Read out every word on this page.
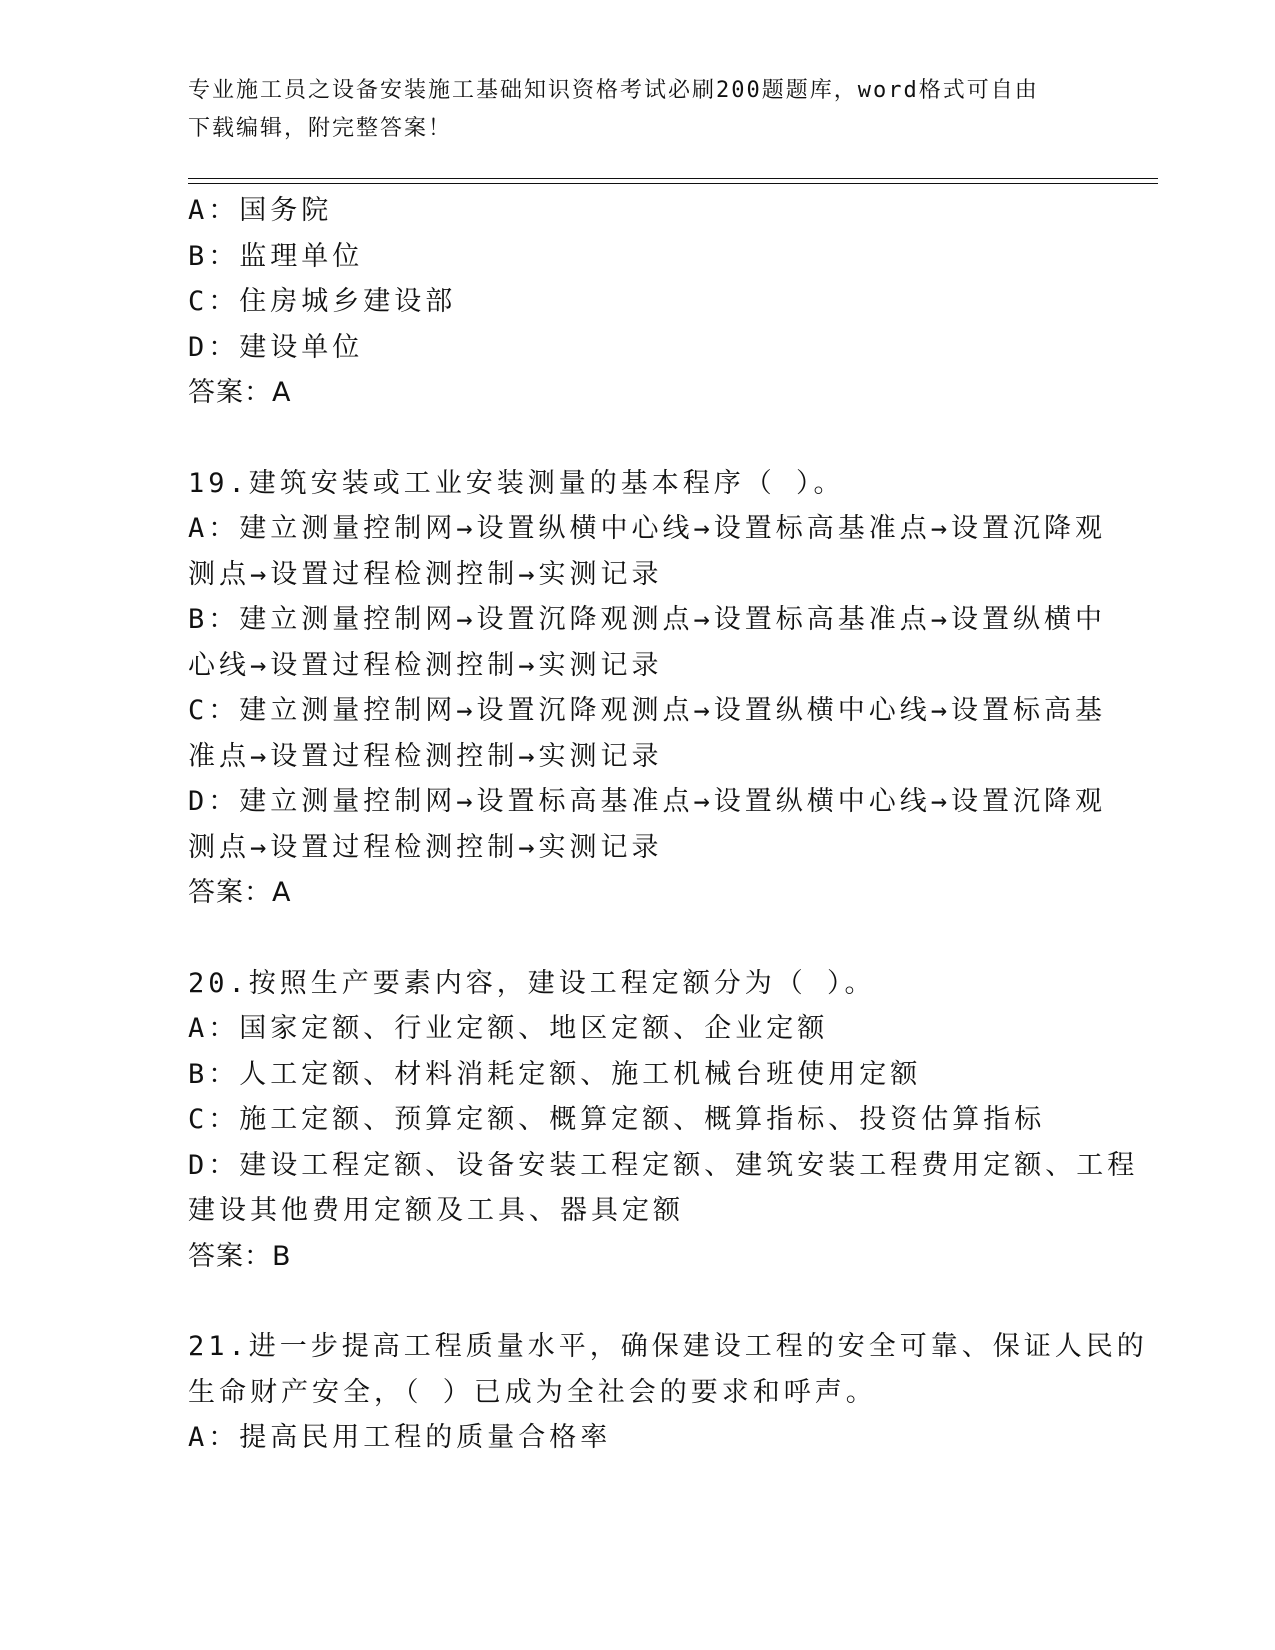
专业施工员之设备安装施工基础知识资格考试必刷200题题库，word格式可自由
下载编辑，附完整答案！
A：国务院
B：监理单位
C：住房城乡建设部
D：建设单位
答案：A
19.建筑安装或工业安装测量的基本程序（ ）。
A：建立测量控制网→设置纵横中心线→设置标高基准点→设置沉降观
测点→设置过程检测控制→实测记录
B：建立测量控制网→设置沉降观测点→设置标高基准点→设置纵横中
心线→设置过程检测控制→实测记录
C：建立测量控制网→设置沉降观测点→设置纵横中心线→设置标高基
准点→设置过程检测控制→实测记录
D：建立测量控制网→设置标高基准点→设置纵横中心线→设置沉降观
测点→设置过程检测控制→实测记录
答案：A
20.按照生产要素内容，建设工程定额分为（ ）。
A：国家定额、行业定额、地区定额、企业定额
B：人工定额、材料消耗定额、施工机械台班使用定额
C：施工定额、预算定额、概算定额、概算指标、投资估算指标
D：建设工程定额、设备安装工程定额、建筑安装工程费用定额、工程
建设其他费用定额及工具、器具定额
答案：B
21.进一步提高工程质量水平，确保建设工程的安全可靠、保证人民的
生命财产安全，（ ）已成为全社会的要求和呼声。
A：提高民用工程的质量合格率
